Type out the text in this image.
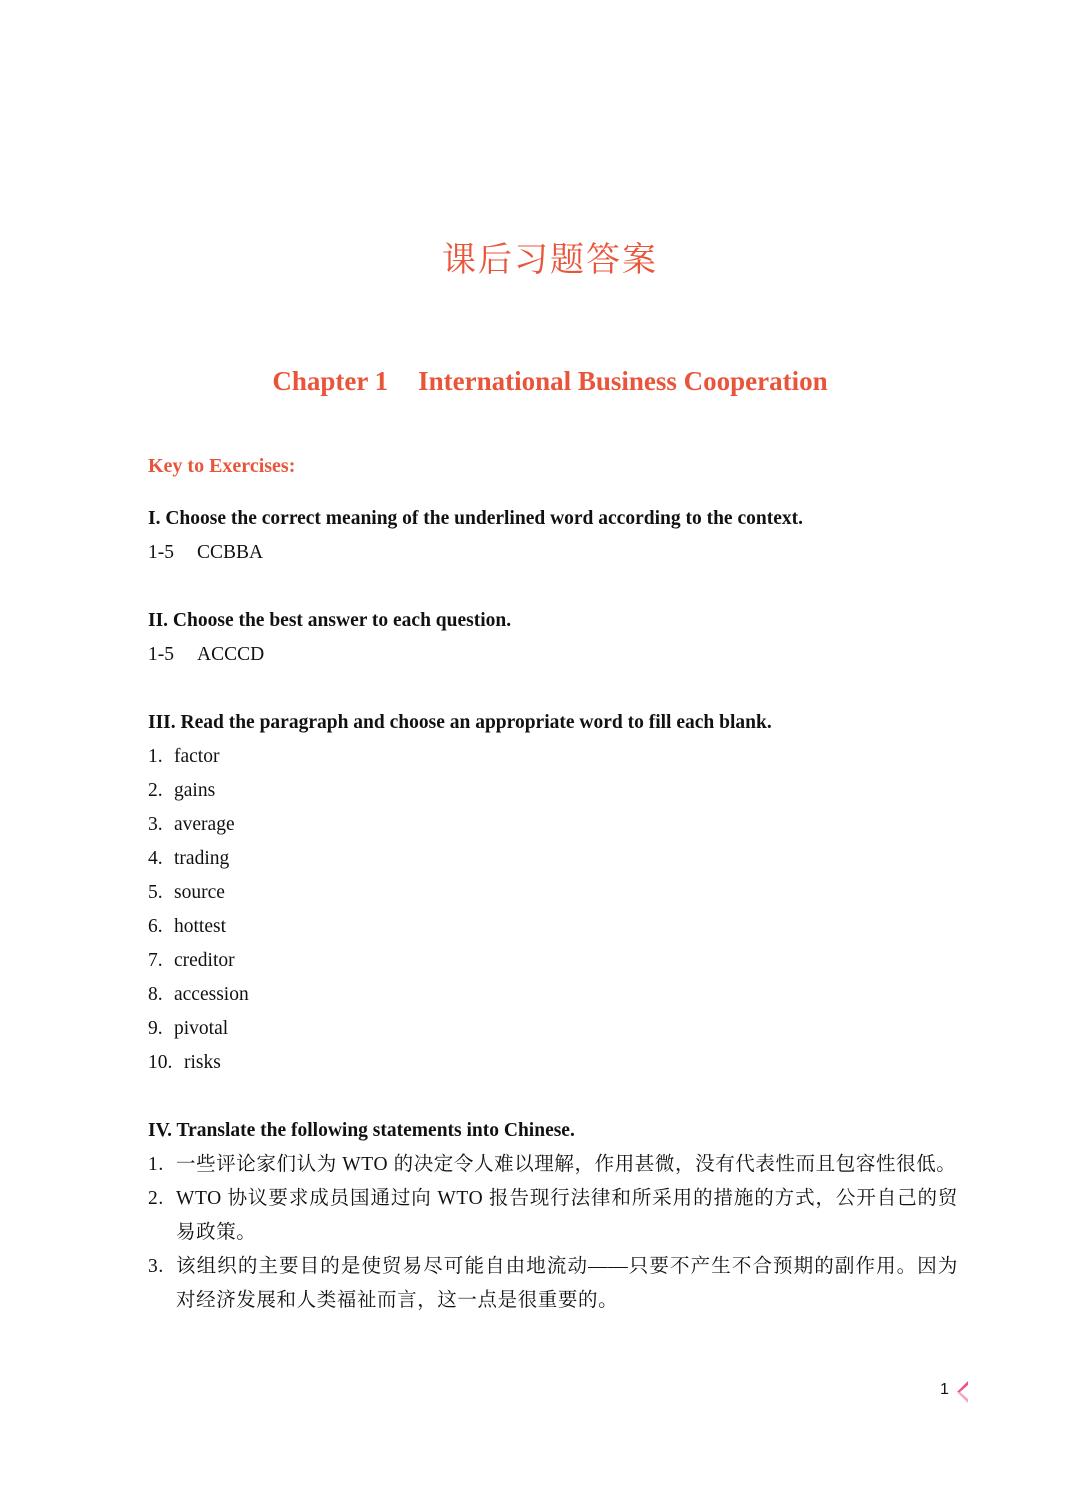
课后习题答案
Chapter 1 International Business Cooperation
Key to Exercises:
I. Choose the correct meaning of the underlined word according to the context.
1-5 CCBBA
II. Choose the best answer to each question.
1-5 ACCCD
III. Read the paragraph and choose an appropriate word to fill each blank.
1. factor
2. gains
3. average
4. trading
5. source
6. hottest
7. creditor
8. accession
9. pivotal
10. risks
IV. Translate the following statements into Chinese.
1. 一些评论家们认为 WTO 的决定令人难以理解，作用甚微，没有代表性而且包容性很低。
2. WTO 协议要求成员国通过向 WTO 报告现行法律和所采用的措施的方式，公开自己的贸易政策。
3. 该组织的主要目的是使贸易尽可能自由地流动——只要不产生不合预期的副作用。因为对经济发展和人类福祉而言，这一点是很重要的。
1
